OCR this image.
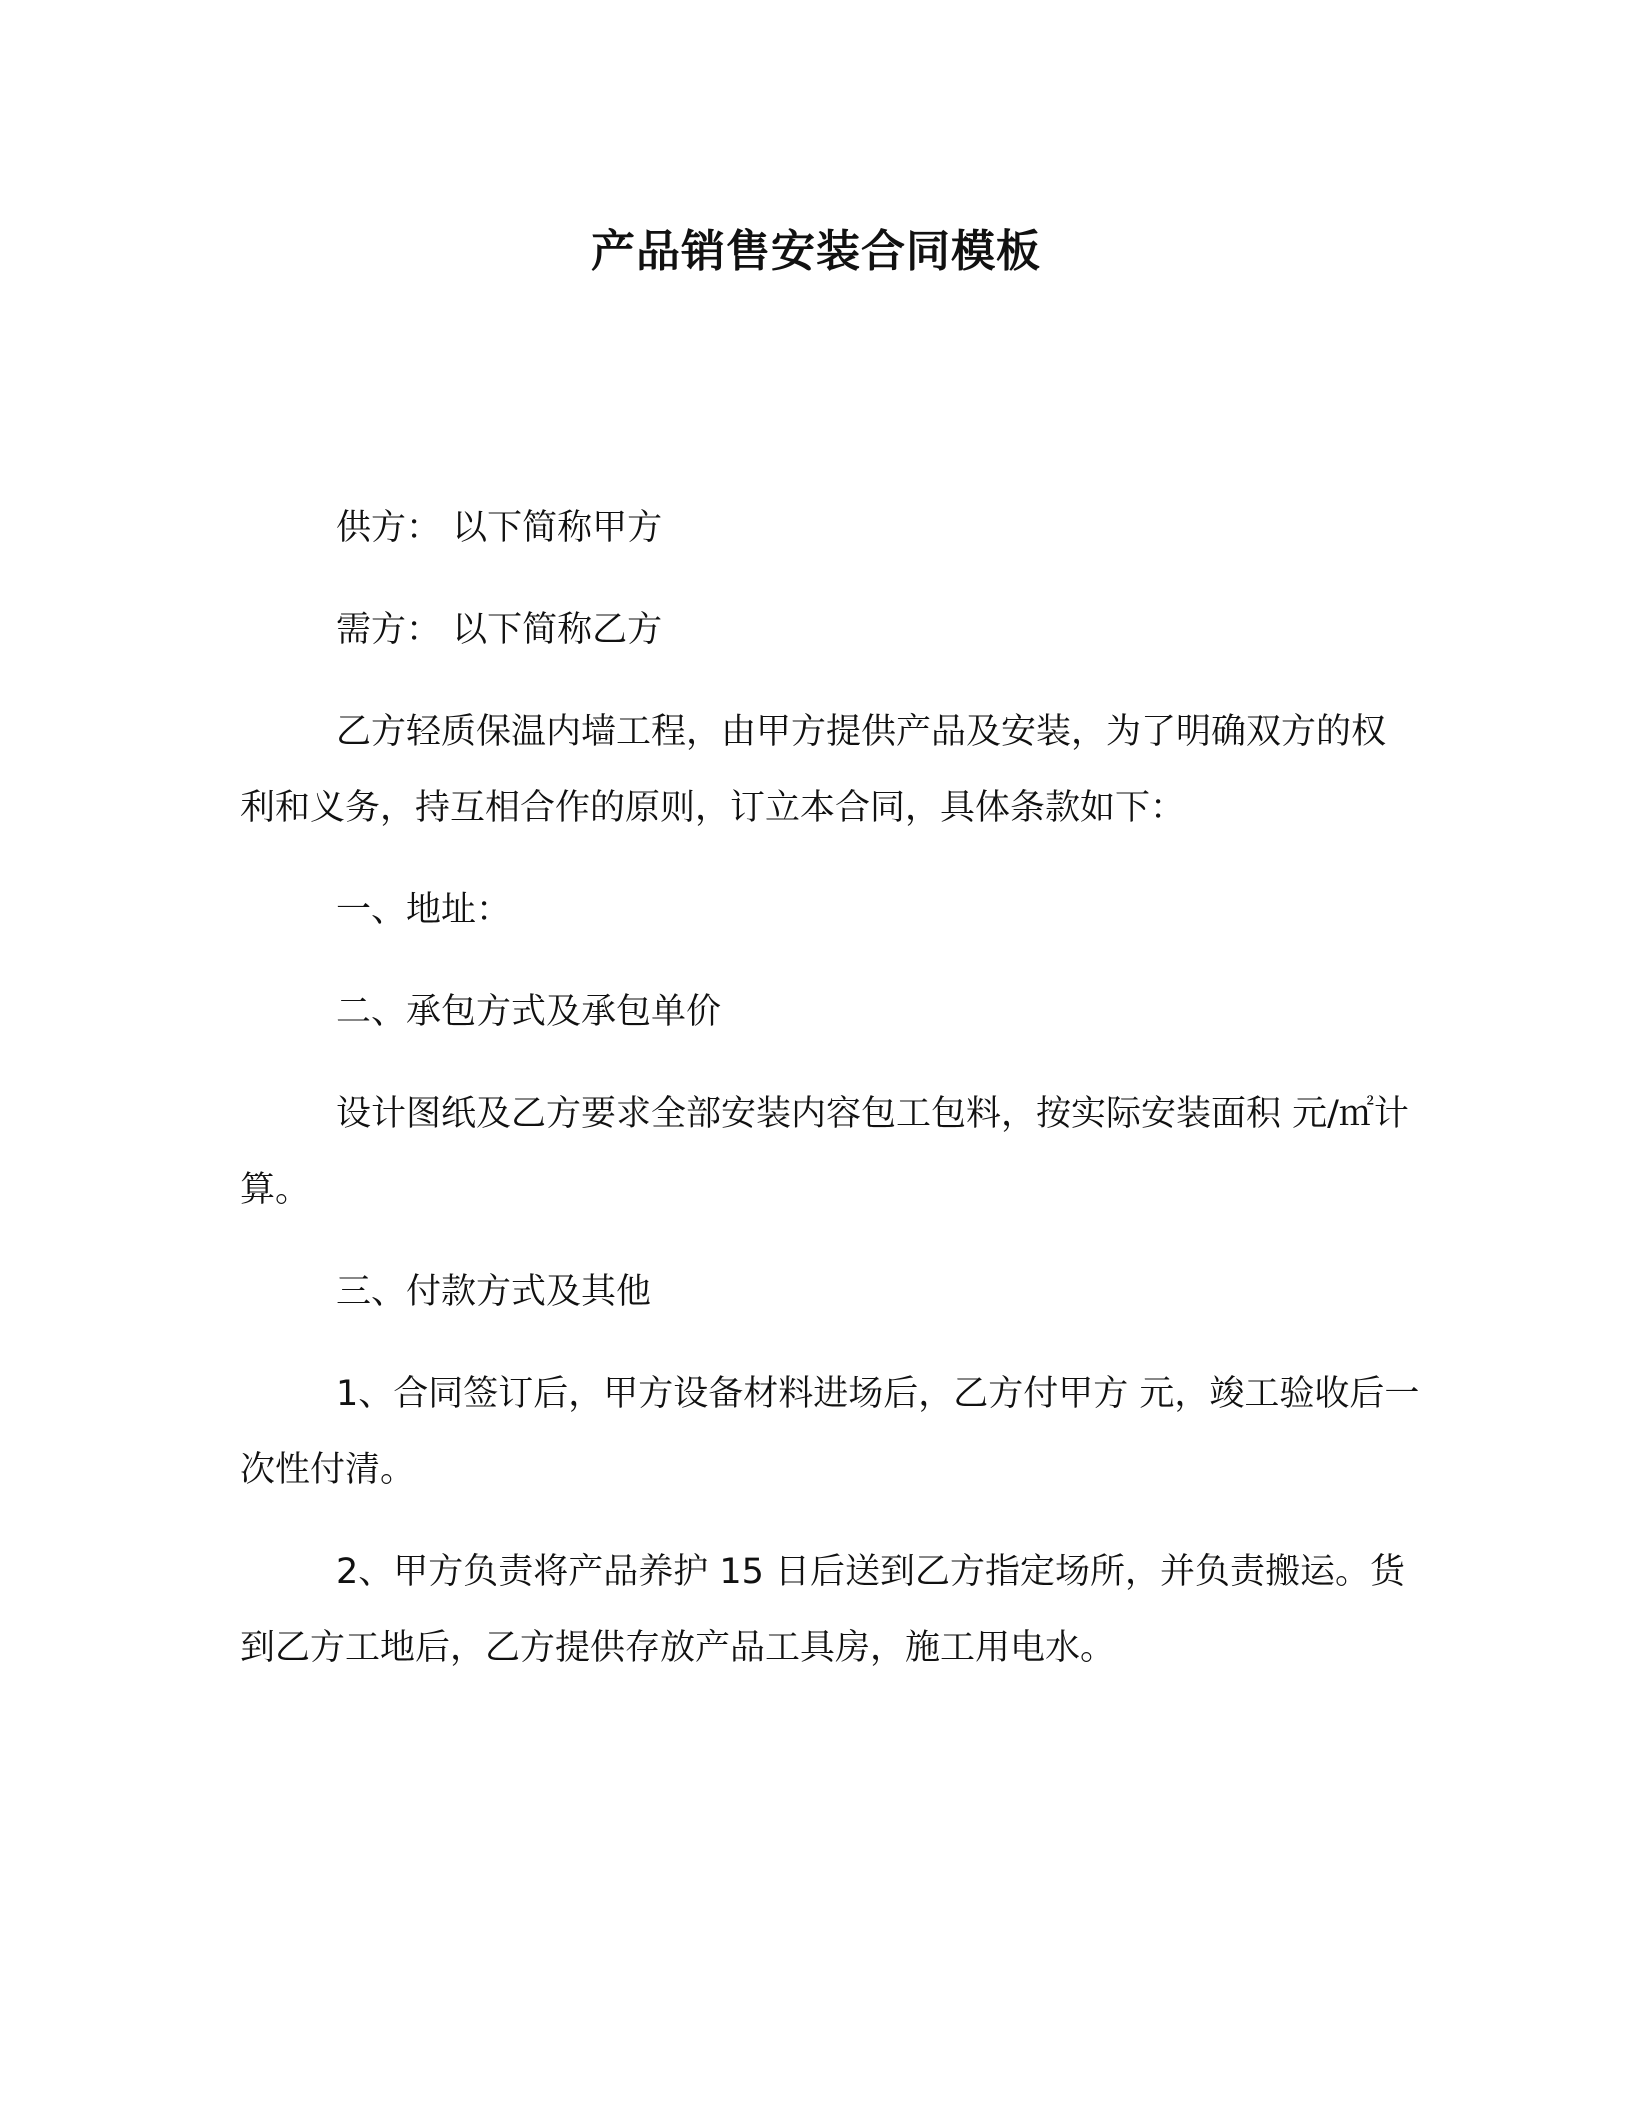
产品销售安装合同模板

供方： 以下简称甲方

需方： 以下简称乙方

乙方轻质保温内墙工程，由甲方提供产品及安装，为了明确双方的权利和义务，持互相合作的原则，订立本合同，具体条款如下：

一、地址：

二、承包方式及承包单价

设计图纸及乙方要求全部安装内容包工包料，按实际安装面积 元/㎡计算。

三、付款方式及其他

1、合同签订后，甲方设备材料进场后，乙方付甲方 元，竣工验收后一次性付清。

2、甲方负责将产品养护 15 日后送到乙方指定场所，并负责搬运。货到乙方工地后，乙方提供存放产品工具房，施工用电水。
